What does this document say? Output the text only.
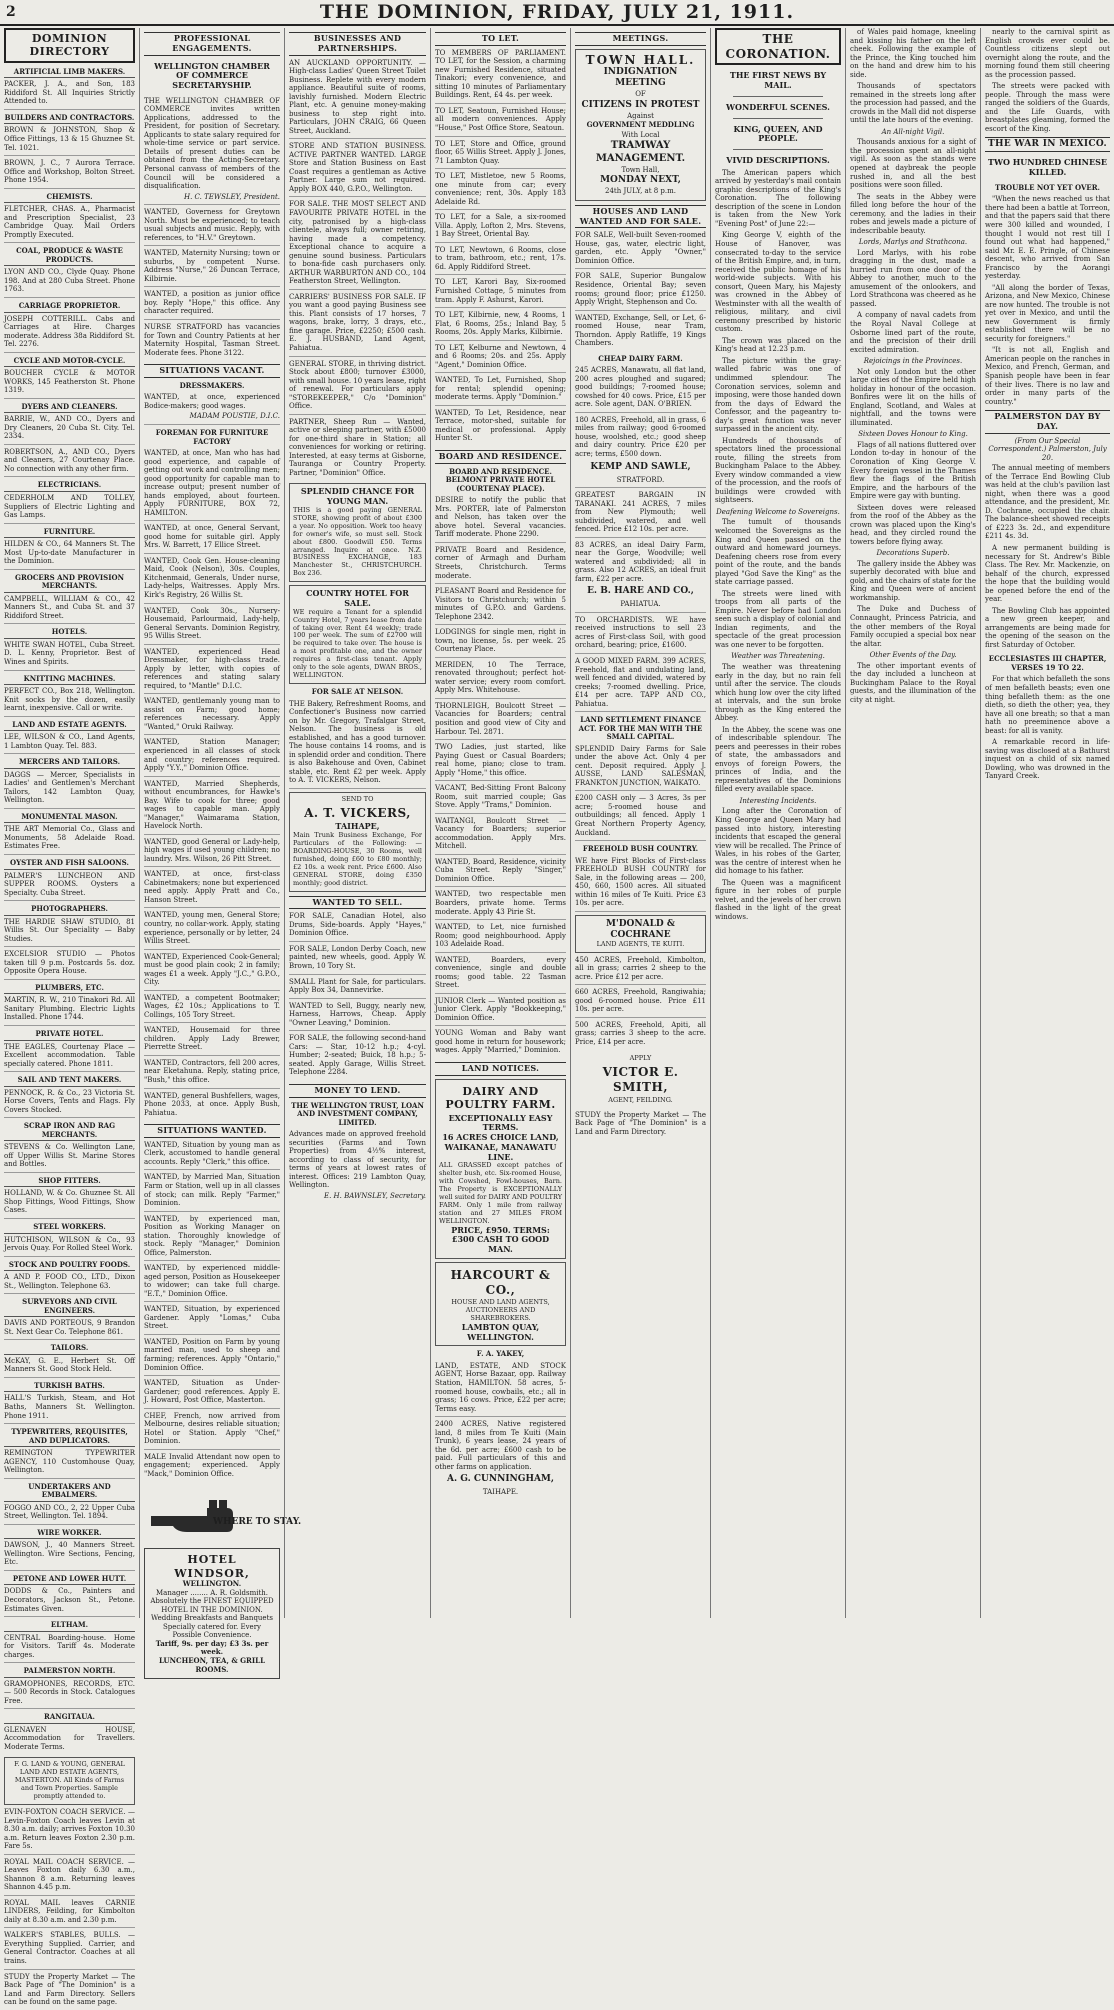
2	THE DOMINION, FRIDAY, JULY 21, 1911.
DOMINION DIRECTORY
ARTIFICIAL LIMB MAKERS.
PACKER, J. A., and Son, 183 Riddiford St. All Inquiries Strictly Attended to.
BUILDERS AND CONTRACTORS.
BROWN & JOHNSTON, Shop & Office Fittings, 13 & 15 Ghuznee St. Tel. 1021.
BROWN, J. C., 7 Aurora Terrace. Office and Workshop, Bolton Street. Phone 1954.
CHEMISTS.
FLETCHER, CHAS. A., Pharmacist and Prescription Specialist, 23 Cambridge Quay. Mail Orders Promptly Executed.
COAL, PRODUCE & WASTE PRODUCTS.
LYON AND CO., Clyde Quay. Phone 198. And at 280 Cuba Street. Phone 1763.
CARRIAGE PROPRIETOR.
JOSEPH COTTERILL. Cabs and Carriages at Hire. Charges moderate. Address 38a Riddiford St. Tel. 2276.
CYCLE AND MOTOR-CYCLE.
BOUCHER CYCLE & MOTOR WORKS, 145 Featherston St. Phone 1319.
DYERS AND CLEANERS.
BARRIE, W., AND CO., Dyers and Dry Cleaners, 20 Cuba St. City. Tel. 2334.
ROBERTSON, A., AND CO., Dyers and Cleaners, 27 Courtenay Place. No connection with any other firm.
ELECTRICIANS.
CEDERHOLM AND TOLLEY, Suppliers of Electric Lighting and Gas Lamps.
FURNITURE.
HILDEN & CO., 64 Manners St. The Most Up-to-date Manufacturer in the Dominion.
GROCERS AND PROVISION MERCHANTS.
CAMPBELL, WILLIAM & CO., 42 Manners St., and Cuba St. and 37 Riddiford Street.
HOTELS.
WHITE SWAN HOTEL, Cuba Street. D. L. Kenny, Proprietor. Best of Wines and Spirits.
KNITTING MACHINES.
PERFECT CO., Box 218, Wellington. Knit socks by the dozen, easily learnt, inexpensive. Call or write.
LAND AND ESTATE AGENTS.
LEE, WILSON & CO., Land Agents, 1 Lambton Quay. Tel. 883.
MERCERS AND TAILORS.
DAGGS — Mercer, Specialists in Ladies' and Gentlemen's Merchant Tailors, 142 Lambton Quay, Wellington.
MONUMENTAL MASON.
THE ART Memorial Co., Glass and Monuments, 58 Adelaide Road. Estimates Free.
OYSTER AND FISH SALOONS.
PALMER'S LUNCHEON AND SUPPER ROOMS. Oysters a Specialty. Cuba Street.
PHOTOGRAPHERS.
THE HARDIE SHAW STUDIO, 81 Willis St. Our Speciality — Baby Studies.
EXCELSIOR STUDIO — Photos taken till 9 p.m. Postcards 5s. doz. Opposite Opera House.
PLUMBERS, ETC.
MARTIN, R. W., 210 Tinakori Rd. All Sanitary Plumbing. Electric Lights Installed. Phone 1744.
PRIVATE HOTEL.
THE EAGLES, Courtenay Place — Excellent accommodation. Table specially catered. Phone 1811.
SAIL AND TENT MAKERS.
PENNOCK, R. & Co., 23 Victoria St. Horse Covers, Tents and Flags. Fly Covers Stocked.
SCRAP IRON AND RAG MERCHANTS.
STEVENS & Co. Wellington Lane, off Upper Willis St. Marine Stores and Bottles.
SHOP FITTERS.
HOLLAND, W. & Co. Ghuznee St. All Shop Fittings, Wood Fittings, Show Cases.
STEEL WORKERS.
HUTCHISON, WILSON & Co., 93 Jervois Quay. For Rolled Steel Work.
STOCK AND POULTRY FOODS.
A AND P. FOOD CO., LTD., Dixon St., Wellington. Telephone 63.
SURVEYORS AND CIVIL ENGINEERS.
DAVIS AND PORTEOUS, 9 Brandon St. Next Gear Co. Telephone 861.
TAILORS.
McKAY, G. E., Herbert St. Off Manners St. Good Stock Held.
TURKISH BATHS.
HALL'S Turkish, Steam, and Hot Baths, Manners St. Wellington. Phone 1911.
TYPEWRITERS, REQUISITES, AND DUPLICATORS.
REMINGTON TYPEWRITER AGENCY, 110 Customhouse Quay, Wellington.
UNDERTAKERS AND EMBALMERS.
FOGGO AND CO., 2, 22 Upper Cuba Street, Wellington. Tel. 1894.
WIRE WORKER.
DAWSON, J., 40 Manners Street. Wellington. Wire Sections, Fencing, Etc.
PETONE AND LOWER HUTT.
DODDS & Co., Painters and Decorators, Jackson St., Petone. Estimates Given.
ELTHAM.
CENTRAL Boarding-house. Home for Visitors. Tariff 4s. Moderate charges.
PALMERSTON NORTH.
GRAMOPHONES, RECORDS, ETC. — 500 Records in Stock. Catalogues Free.
RANGITAUA.
GLENAVEN HOUSE, Accommodation for Travellers. Moderate Terms.
F. G. LAND & YOUNG, GENERAL LAND AND ESTATE AGENTS, MASTERTON. All Kinds of Farms and Town Properties. Sample promptly attended to.
EVIN-FOXTON COACH SERVICE. — Levin-Foxton Coach leaves Levin at 8.30 a.m. daily; arrives Foxton 10.30 a.m. Return leaves Foxton 2.30 p.m. Fare 5s.
ROYAL MAIL COACH SERVICE. — Leaves Foxton daily 6.30 a.m., Shannon 8 a.m. Returning leaves Shannon 4.45 p.m.
ROYAL MAIL leaves CARNIE LINDERS, Feilding, for Kimbolton daily at 8.30 a.m. and 2.30 p.m.
WALKER'S STABLES, BULLS. — Everything Supplied. Carrier, and General Contractor. Coaches at all trains.
STUDY the Property Market — The Back Page of "The Dominion" is a Land and Farm Directory. Sellers can be found on the same page.
PROFESSIONAL ENGAGEMENTS.
WELLINGTON CHAMBER OF COMMERCE
SECRETARYSHIP.
THE WELLINGTON CHAMBER OF COMMERCE invites written Applications, addressed to the President, for position of Secretary. Applicants to state salary required for whole-time service or part service. Details of present duties can be obtained from the Acting-Secretary. Personal canvass of members of the Council will be considered a disqualification.
H. C. TEWSLEY, President.
WANTED, Governess for Greytown North. Must be experienced; to teach usual subjects and music. Reply, with references, to "H.V." Greytown.
WANTED, Maternity Nursing; town or suburbs, by competent Nurse. Address "Nurse," 26 Duncan Terrace, Kilbirnie.
WANTED, a position as junior office boy. Reply "Hope," this office. Any character required.
NURSE STRATFORD has vacancies for Town and Country Patients at her Maternity Hospital, Tasman Street. Moderate fees. Phone 3122.
SITUATIONS VACANT.
DRESSMAKERS.
WANTED, at once, experienced Bodice-makers; good wages.
MADAM POUSTIE, D.I.C.
FOREMAN FOR FURNITURE FACTORY
WANTED, at once, Man who has had good experience, and capable of getting out work and controlling men; good opportunity for capable man to increase output; present number of hands employed, about fourteen. Apply FURNITURE, BOX 72, HAMILTON.
WANTED, at once, General Servant, good home for suitable girl. Apply Mrs. W. Barrett, 17 Ellice Street.
WANTED, Cook Gen. House-cleaning Maid, Cook (Nelson), 30s. Couples, Kitchenmaid, Generals, Under nurse, Lady-helps, Waitresses. Apply Mrs. Kirk's Registry, 26 Willis St.
WANTED, Cook 30s., Nursery-Housemaid, Parlourmaid, Lady-help, General Servants. Dominion Registry, 95 Willis Street.
WANTED, experienced Head Dressmaker, for high-class trade. Apply by letter, with copies of references and stating salary required, to "Mantle" D.I.C.
WANTED, gentlemanly young man to assist on Farm; good home; references necessary. Apply "Wanted," Oruki Railway.
WANTED, Station Manager; experienced in all classes of stock and country; references required. Apply "Y.Y.," Dominion Office.
WANTED, Married Shepherds, without encumbrances, for Hawke's Bay. Wife to cook for three; good wages to capable man. Apply "Manager," Waimarama Station, Havelock North.
WANTED, good General or Lady-help, high wages if used young children; no laundry. Mrs. Wilson, 26 Pitt Street.
WANTED, at once, first-class Cabinetmakers; none but experienced need apply. Apply Pratt and Co., Hanson Street.
WANTED, young men, General Store; country, no collar-work. Apply, stating experience, personally or by letter, 24 Willis Street.
WANTED, Experienced Cook-General; must be good plain cook; 2 in family; wages £1 a week. Apply "J.C.," G.P.O., City.
WANTED, a competent Bootmaker; Wages, £2 10s.; Applications to T. Collings, 105 Tory Street.
WANTED, Housemaid for three children. Apply Lady Brewer, Pierrette Street.
WANTED, Contractors, fell 200 acres, near Eketahuna. Reply, stating price, "Bush," this office.
WANTED, general Bushfellers, wages, Phone 2033, at once. Apply Bush, Pahiatua.
SITUATIONS WANTED.
WANTED, Situation by young man as Clerk, accustomed to handle general accounts. Reply "Clerk," this office.
WANTED, by Married Man, Situation Farm or Station, well up in all classes of stock; can milk. Reply "Farmer," Dominion.
WANTED, by experienced man, Position as Working Manager on station. Thoroughly knowledge of stock. Reply "Manager," Dominion Office, Palmerston.
WANTED, by experienced middle-aged person, Position as Housekeeper to widower; can take full charge. "E.T.," Dominion Office.
WANTED, Situation, by experienced Gardener. Apply "Lomas," Cuba Street.
WANTED, Position on Farm by young married man, used to sheep and farming; references. Apply "Ontario," Dominion Office.
WANTED, Situation as Under-Gardener; good references. Apply E. J. Howard, Post Office, Masterton.
CHEF, French, now arrived from Melbourne, desires reliable situation; Hotel or Station. Apply "Chef," Dominion.
MALE Invalid Attendant now open to engagement; experienced. Apply "Mack," Dominion Office.
WHERE TO STAY.
HOTEL WINDSOR,
WELLINGTON.
Manager ........ A. R. Goldsmith.
Absolutely the FINEST EQUIPPED HOTEL IN THE DOMINION. Wedding Breakfasts and Banquets Specially catered for. Every Possible Convenience.
Tariff, 9s. per day; £3 3s. per week.
LUNCHEON, TEA, & GRILL ROOMS.
BUSINESSES AND PARTNERSHIPS.
AN AUCKLAND OPPORTUNITY. — High-class Ladies' Queen Street Toilet Business. Replete with every modern appliance. Beautiful suite of rooms, lavishly furnished. Modern Electric Plant, etc. A genuine money-making business to step right into. Particulars, JOHN CRAIG, 66 Queen Street, Auckland.
STORE AND STATION BUSINESS. ACTIVE PARTNER WANTED. LARGE Store and Station Business on East Coast requires a gentleman as Active Partner. Large sum not required. Apply BOX 440, G.P.O., Wellington.
FOR SALE. THE MOST SELECT AND FAVOURITE PRIVATE HOTEL in the city, patronised by a high-class clientele, always full; owner retiring, having made a competency. Exceptional chance to acquire a genuine sound business. Particulars to bona-fide cash purchasers only. ARTHUR WARBURTON AND CO., 104 Featherston Street, Wellington.
CARRIERS' BUSINESS FOR SALE. IF you want a good paying Business see this. Plant consists of 17 horses, 7 wagons, brake, lorry, 3 drays, etc., fine garage. Price, £2250; £500 cash. E. J. HUSBAND, Land Agent, Pahiatua.
GENERAL STORE, in thriving district. Stock about £800; turnover £3000, with small house. 10 years lease, right of renewal. For particulars apply "STOREKEEPER," C/o "Dominion" Office.
PARTNER, Sheep Run — Wanted, active or sleeping partner, with £5000 for one-third share in Station; all conveniences for working or retiring. Interested, at easy terms at Gisborne, Tauranga or Country Property. Partner, "Dominion" Office.
SPLENDID CHANCE FOR YOUNG MAN.
THIS is a good paying GENERAL STORE, showing profit of about £300 a year. No opposition. Work too heavy for owner's wife, so must sell. Stock about £800. Goodwill £50. Terms arranged. Inquire at once. N.Z. BUSINESS EXCHANGE, 183 Manchester St., CHRISTCHURCH. Box 236.
COUNTRY HOTEL FOR SALE.
WE require a Tenant for a splendid Country Hotel, 7 years lease from date of taking over. Rent £4 weekly; trade 100 per week. The sum of £2700 will be required to take over. The house is a most profitable one, and the owner requires a first-class tenant. Apply only to the sole agents, DWAN BROS., WELLINGTON.
FOR SALE AT NELSON.
THE Bakery, Refreshment Rooms, and Confectioner's Business now carried on by Mr. Gregory, Trafalgar Street, Nelson. The business is old established, and has a good turnover. The house contains 14 rooms, and is in splendid order and condition. There is also Bakehouse and Oven, Cabinet stable, etc. Rent £2 per week. Apply to A. T. VICKERS, Nelson.
SEND TO
A. T. VICKERS,
TAIHAPE,
Main Trunk Business Exchange, For Particulars of the Following: — BOARDING-HOUSE, 30 Rooms, well furnished, doing £60 to £80 monthly; £2 10s. a week rent. Price £600. Also GENERAL STORE, doing £350 monthly; good district.
WANTED TO SELL.
FOR SALE, Canadian Hotel, also Drums, Side-boards. Apply "Hayes," Dominion Office.
FOR SALE, London Derby Coach, new painted, new wheels, good. Apply W. Brown, 10 Tory St.
SMALL Plant for Sale, for particulars. Apply Box 34, Dannevirke.
WANTED to Sell, Buggy, nearly new, Harness, Harrows, Cheap. Apply "Owner Leaving," Dominion.
FOR SALE, the following second-hand Cars: — Star, 10-12 h.p.; 4-cyl. Humber; 2-seated; Buick, 18 h.p.; 5-seated. Apply Garage, Willis Street. Telephone 2284.
MONEY TO LEND.
THE WELLINGTON TRUST, LOAN AND INVESTMENT COMPANY, LIMITED.
Advances made on approved freehold securities (Farms and Town Properties) from 4½% interest, according to class of security, for terms of years at lowest rates of interest. Offices: 219 Lambton Quay, Wellington.
E. H. BAWNSLEY, Secretary.
TO LET.
TO MEMBERS OF PARLIAMENT. TO LET, for the Session, a charming new Furnished Residence, situated Tinakori; every convenience, and sitting 10 minutes of Parliamentary Buildings. Rent, £4 4s. per week.
TO LET, Seatoun, Furnished House; all modern conveniences. Apply "House," Post Office Store, Seatoun.
TO LET, Store and Office, ground floor, 65 Willis Street. Apply J. Jones, 71 Lambton Quay.
TO LET, Mistletoe, new 5 Rooms, one minute from car; every convenience; rent, 30s. Apply 183 Adelaide Rd.
TO LET, for a Sale, a six-roomed Villa. Apply, Lofton 2, Mrs. Stevens, 1 Bay Street, Oriental Bay.
TO LET, Newtown, 6 Rooms, close to tram, bathroom, etc.; rent, 17s. 6d. Apply Riddiford Street.
TO LET, Karori Bay, Six-roomed Furnished Cottage, 5 minutes from tram. Apply F. Ashurst, Karori.
TO LET, Kilbirnie, new, 4 Rooms, 1 Flat, 6 Rooms, 25s.; Inland Bay, 5 Rooms, 20s. Apply Marks, Kilbirnie.
TO LET, Kelburne and Newtown, 4 and 6 Rooms; 20s. and 25s. Apply "Agent," Dominion Office.
WANTED, To Let, Furnished, Shop for rental; splendid opening; moderate terms. Apply "Dominion."
WANTED, To Let, Residence, near Terrace, motor-shed, suitable for medical or professional. Apply Hunter St.
BOARD AND RESIDENCE.
BOARD AND RESIDENCE. BELMONT PRIVATE HOTEL (COURTENAY PLACE).
DESIRE to notify the public that Mrs. PORTER, late of Palmerston and Nelson, has taken over the above hotel. Several vacancies. Tariff moderate. Phone 2290.
PRIVATE Board and Residence, corner of Armagh and Durham Streets, Christchurch. Terms moderate.
PLEASANT Board and Residence for Visitors to Christchurch; within 5 minutes of G.P.O. and Gardens. Telephone 2342.
LODGINGS for single men, right in town, no license, 5s. per week. 25 Courtenay Place.
MERIDEN, 10 The Terrace, renovated throughout; perfect hot-water service; every room comfort. Apply Mrs. Whitehouse.
THORNLEIGH, Boulcott Street — Vacancies for Boarders; central position and good view of City and Harbour. Tel. 2871.
TWO Ladies, just started, like Paying Guest or Casual Boarders; real home, piano; close to tram. Apply "Home," this office.
VACANT, Bed-Sitting Front Balcony Room, suit married couple; Gas Stove. Apply "Trams," Dominion.
WAITANGI, Boulcott Street — Vacancy for Boarders; superior accommodation. Apply Mrs. Mitchell.
WANTED, Board, Residence, vicinity Cuba Street. Reply "Singer," Dominion Office.
WANTED, two respectable men Boarders, private home. Terms moderate. Apply 43 Pirie St.
WANTED, to Let, nice furnished Room; good neighbourhood. Apply 103 Adelaide Road.
WANTED, Boarders, every convenience, single and double rooms; good table. 22 Tasman Street.
JUNIOR Clerk — Wanted position as Junior Clerk. Apply "Bookkeeping," Dominion Office.
YOUNG Woman and Baby want good home in return for housework; wages. Apply "Married," Dominion.
LAND NOTICES.
DAIRY AND POULTRY FARM.
EXCEPTIONALLY EASY TERMS.
16 ACRES CHOICE LAND,
WAIKANAE, MANAWATU LINE.
ALL GRASSED except patches of shelter bush, etc. Six-roomed House, with Cowshed, Fowl-houses, Barn. The Property is EXCEPTIONALLY well suited for DAIRY AND POULTRY FARM. Only 1 mile from railway station and 27 MILES FROM WELLINGTON.
PRICE, £950. TERMS: £300 CASH TO GOOD MAN.
HARCOURT & CO.,
HOUSE AND LAND AGENTS, AUCTIONEERS AND SHAREBROKERS.
LAMBTON QUAY, WELLINGTON.
F. A. YAKEY,
LAND, ESTATE, AND STOCK AGENT, Horse Bazaar, opp. Railway Station, HAMILTON. 58 acres, 5-roomed house, cowbails, etc.; all in grass; 16 cows. Price, £22 per acre; Terms easy.
2400 ACRES, Native registered land, 8 miles from Te Kuiti (Main Trunk), 6 years lease, 24 years of the 6d. per acre; £600 cash to be paid. Full particulars of this and other farms on application.
A. G. CUNNINGHAM,
TAIHAPE.
MEETINGS.
TOWN HALL.
INDIGNATION MEETING
OF
CITIZENS IN PROTEST
Against
GOVERNMENT MEDDLING
With Local
TRAMWAY MANAGEMENT.
Town Hall,
MONDAY NEXT,
24th JULY, at 8 p.m.
HOUSES AND LAND WANTED AND FOR SALE.
FOR SALE, Well-built Seven-roomed House, gas, water, electric light, garden, etc. Apply "Owner," Dominion Office.
FOR SALE, Superior Bungalow Residence, Oriental Bay; seven rooms; ground floor; price £1250. Apply Wright, Stephenson and Co.
WANTED, Exchange, Sell, or Let, 6-roomed House, near Tram, Thorndon. Apply Ratliffe, 19 Kings Chambers.
CHEAP DAIRY FARM.
245 ACRES, Manawatu, all flat land, 200 acres ploughed and sugared; good buildings; 7-roomed house; cowshed for 40 cows. Price, £15 per acre. Sole agent, DAN. O'BRIEN.
180 ACRES, Freehold, all in grass, 6 miles from railway; good 6-roomed house, woolshed, etc.; good sheep and dairy country. Price £20 per acre; terms, £500 down.
KEMP AND SAWLE,
STRATFORD.
GREATEST BARGAIN IN TARANAKI. 241 ACRES, 7 miles from New Plymouth; well subdivided, watered, and well fenced. Price £12 10s. per acre.
83 ACRES, an ideal Dairy Farm, near the Gorge, Woodville; well watered and subdivided; all in grass. Also 12 ACRES, an ideal fruit farm, £22 per acre.
E. B. HARE AND CO.,
PAHIATUA.
TO ORCHARDISTS. WE have received instructions to sell 23 acres of First-class Soil, with good orchard, bearing; price, £1600.
A GOOD MIXED FARM. 399 ACRES, Freehold, flat and undulating land, well fenced and divided, watered by creeks; 7-roomed dwelling. Price, £14 per acre. TAPP AND CO., Pahiatua.
LAND SETTLEMENT FINANCE ACT. FOR THE MAN WITH THE SMALL CAPITAL.
SPLENDID Dairy Farms for Sale under the above Act. Only 4 per cent. Deposit required. Apply J. AUSSE, LAND SALESMAN, FRANKTON JUNCTION, WAIKATO.
£200 CASH only — 3 Acres, 3s per acre; 5-roomed house and outbuildings; all fenced. Apply 1 Great Northern Property Agency, Auckland.
FREEHOLD BUSH COUNTRY.
WE have First Blocks of First-class FREEHOLD BUSH COUNTRY for Sale, in the following areas — 200, 450, 660, 1500 acres. All situated within 16 miles of Te Kuiti. Price £3 10s. per acre.
M'DONALD & COCHRANE
LAND AGENTS, TE KUITI.
450 ACRES, Freehold, Kimbolton, all in grass; carries 2 sheep to the acre. Price £12 per acre.
660 ACRES, Freehold, Rangiwahia; good 6-roomed house. Price £11 10s. per acre.
500 ACRES, Freehold, Apiti, all grass; carries 3 sheep to the acre. Price, £14 per acre.
APPLY
VICTOR E. SMITH,
AGENT, FEILDING.
STUDY the Property Market — The Back Page of "The Dominion" is a Land and Farm Directory.
THE CORONATION.
THE FIRST NEWS BY MAIL.
WONDERFUL SCENES.
KING, QUEEN, AND PEOPLE.
VIVID DESCRIPTIONS.

The American papers which arrived by yesterday's mail contain graphic descriptions of the King's Coronation. The following description of the scene in London is taken from the New York "Evening Post" of June 22:—

King George V, eighth of the House of Hanover, was consecrated to-day to the service of the British Empire, and, in turn, received the public homage of his world-wide subjects. With his consort, Queen Mary, his Majesty was crowned in the Abbey of Westminster with all the wealth of religious, military, and civil ceremony prescribed by historic custom.

The crown was placed on the King's head at 12.23 p.m.

The picture within the gray-walled fabric was one of undimmed splendour. The Coronation services, solemn and imposing, were those handed down from the days of Edward the Confessor, and the pageantry to-day's great function was never surpassed in the ancient city.

Hundreds of thousands of spectators lined the processional route, filling the streets from Buckingham Palace to the Abbey. Every window commanded a view of the procession, and the roofs of buildings were crowded with sightseers.

Deafening Welcome to Sovereigns.

The tumult of thousands welcomed the Sovereigns as the King and Queen passed on the outward and homeward journeys. Deafening cheers rose from every point of the route, and the bands played "God Save the King" as the state carriage passed.

The streets were lined with troops from all parts of the Empire. Never before had London seen such a display of colonial and Indian regiments, and the spectacle of the great procession was one never to be forgotten.

Weather was Threatening.

The weather was threatening early in the day, but no rain fell until after the service. The clouds which hung low over the city lifted at intervals, and the sun broke through as the King entered the Abbey.

In the Abbey, the scene was one of indescribable splendour. The peers and peeresses in their robes of state, the ambassadors and envoys of foreign Powers, the princes of India, and the representatives of the Dominions filled every available space.

Interesting Incidents.

Long after the Coronation of King George and Queen Mary had passed into history, interesting incidents that escaped the general view will be recalled. The Prince of Wales, in his robes of the Garter, was the centre of interest when he did homage to his father.

The Queen was a magnificent figure in her robes of purple velvet, and the jewels of her crown flashed in the light of the great windows.

of Wales paid homage, kneeling and kissing his father on the left cheek. Following the example of the Prince, the King touched him on the hand and drew him to his side.

Thousands of spectators remained in the streets long after the procession had passed, and the crowds in the Mall did not disperse until the late hours of the evening.

An All-night Vigil.

Thousands anxious for a sight of the procession spent an all-night vigil. As soon as the stands were opened at daybreak the people rushed in, and all the best positions were soon filled.

The seats in the Abbey were filled long before the hour of the ceremony, and the ladies in their robes and jewels made a picture of indescribable beauty.

Lords, Marlys and Strathcona.

Lord Marlys, with his robe dragging in the dust, made a hurried run from one door of the Abbey to another, much to the amusement of the onlookers, and Lord Strathcona was cheered as he passed.

A company of naval cadets from the Royal Naval College at Osborne lined part of the route, and the precision of their drill excited admiration.

Rejoicings in the Provinces.

Not only London but the other large cities of the Empire held high holiday in honour of the occasion. Bonfires were lit on the hills of England, Scotland, and Wales at nightfall, and the towns were illuminated.

Sixteen Doves Honour to King.

Flags of all nations fluttered over London to-day in honour of the Coronation of King George V. Every foreign vessel in the Thames flew the flags of the British Empire, and the harbours of the Empire were gay with bunting.

Sixteen doves were released from the roof of the Abbey as the crown was placed upon the King's head, and they circled round the towers before flying away.

Decorations Superb.

The gallery inside the Abbey was superbly decorated with blue and gold, and the chairs of state for the King and Queen were of ancient workmanship.

The Duke and Duchess of Connaught, Princess Patricia, and the other members of the Royal Family occupied a special box near the altar.

Other Events of the Day.

The other important events of the day included a luncheon at Buckingham Palace to the Royal guests, and the illumination of the city at night.

nearly to the carnival spirit as English crowds ever could be. Countless citizens slept out overnight along the route, and the morning found them still cheering as the procession passed.

The streets were packed with people. Through the mass were ranged the soldiers of the Guards, and the Life Guards, with breastplates gleaming, formed the escort of the King.

THE WAR IN MEXICO.
TWO HUNDRED CHINESE KILLED.
TROUBLE NOT YET OVER.

"When the news reached us that there had been a battle at Torreon, and that the papers said that there were 300 killed and wounded, I thought I would not rest till I found out what had happened," said Mr. E. E. Pringle, of Chinese descent, who arrived from San Francisco by the Aorangi yesterday.

"All along the border of Texas, Arizona, and New Mexico, Chinese are now hunted. The trouble is not yet over in Mexico, and until the new Government is firmly established there will be no security for foreigners."

"It is not all, English and American people on the ranches in Mexico, and French, German, and Spanish people have been in fear of their lives. There is no law and order in many parts of the country."

PALMERSTON DAY BY DAY.
(From Our Special Correspondent.) Palmerston, July 20.

The annual meeting of members of the Terrace End Bowling Club was held at the club's pavilion last night, when there was a good attendance, and the president, Mr. D. Cochrane, occupied the chair. The balance-sheet showed receipts of £223 3s. 2d., and expenditure £211 4s. 3d.

A new permanent building is necessary for St. Andrew's Bible Class. The Rev. Mr. Mackenzie, on behalf of the church, expressed the hope that the building would be opened before the end of the year.

The Bowling Club has appointed a new green keeper, and arrangements are being made for the opening of the season on the first Saturday of October.

ECCLESIASTES III CHAPTER, VERSES 19 TO 22.

For that which befalleth the sons of men befalleth beasts; even one thing befalleth them: as the one dieth, so dieth the other; yea, they have all one breath; so that a man hath no preeminence above a beast: for all is vanity.

A remarkable record in life-saving was disclosed at a Bathurst inquest on a child of six named Dowling, who was drowned in the Tanyard Creek.
